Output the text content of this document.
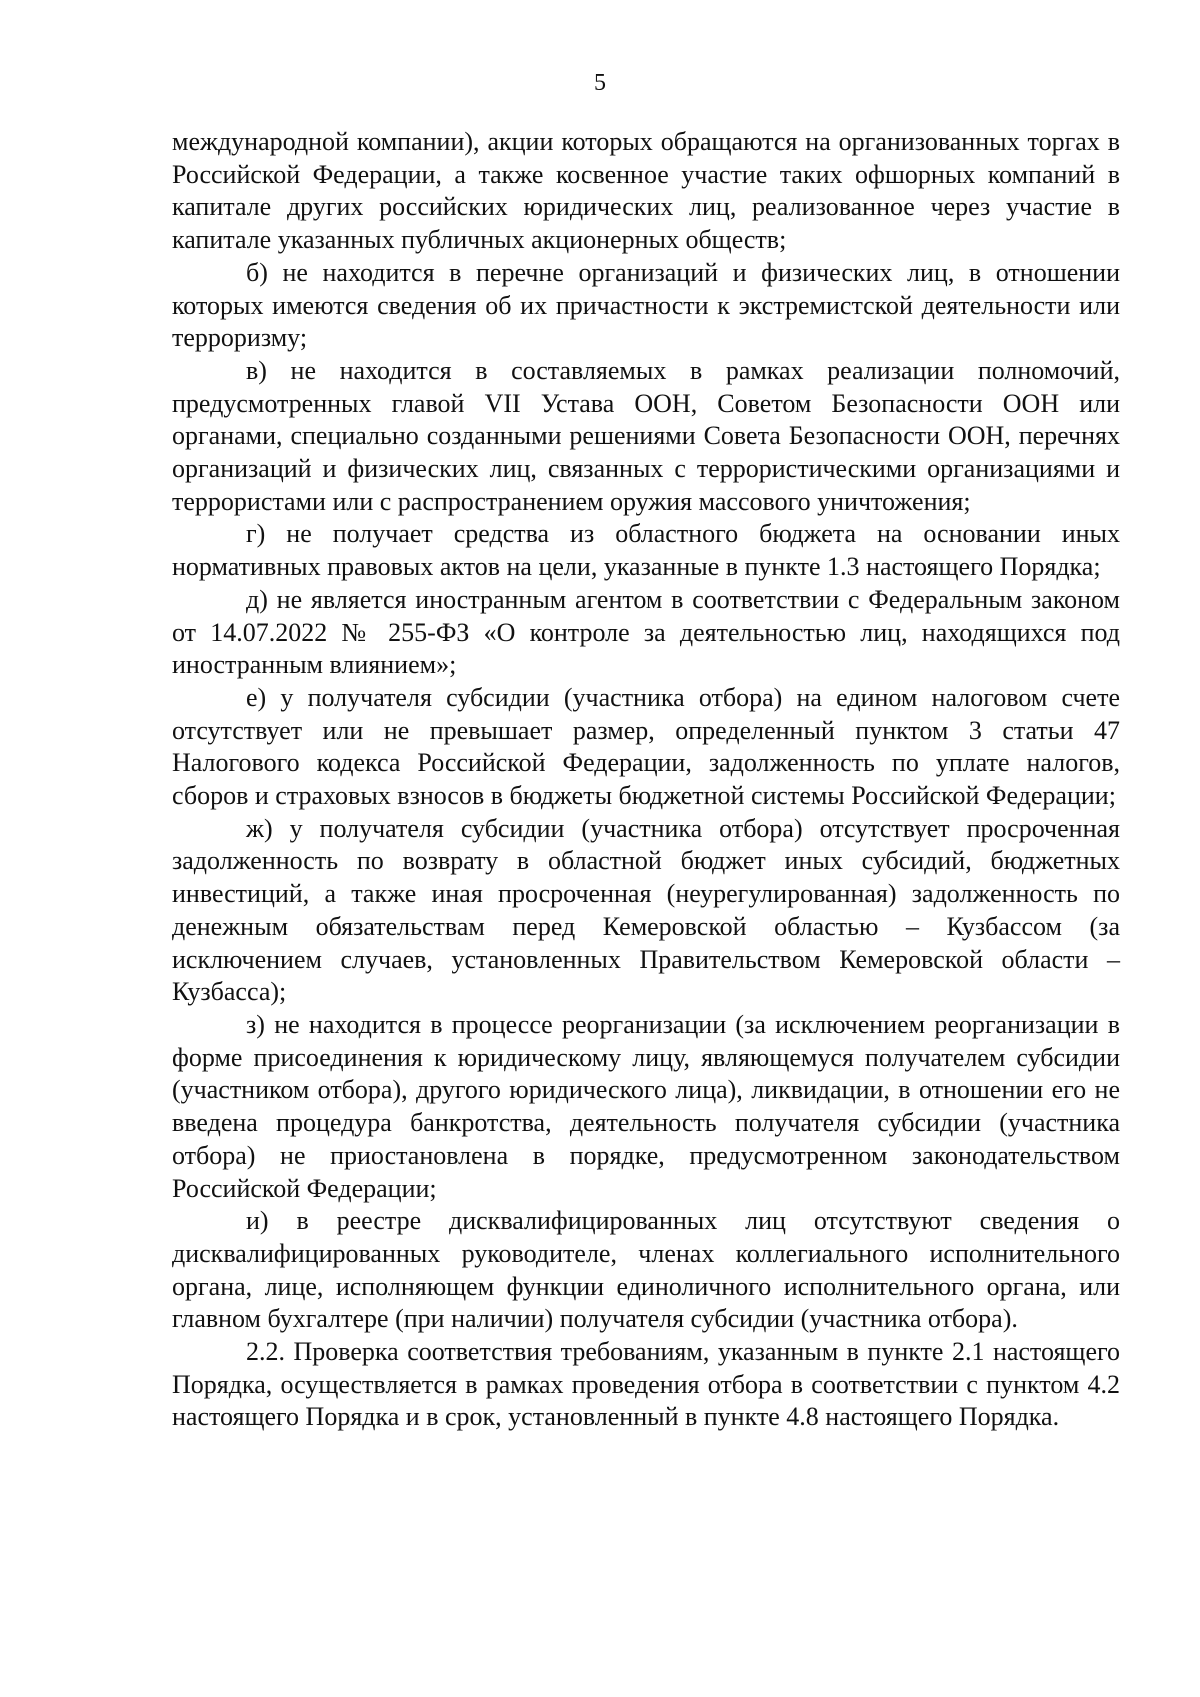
5

международной компании), акции которых обращаются на организованных торгах в Российской Федерации, а также косвенное участие таких офшорных компаний в капитале других российских юридических лиц, реализованное через участие в капитале указанных публичных акционерных обществ;

б) не находится в перечне организаций и физических лиц, в отношении которых имеются сведения об их причастности к экстремистской деятельности или терроризму;

в) не находится в составляемых в рамках реализации полномочий, предусмотренных главой VII Устава ООН, Советом Безопасности ООН или органами, специально созданными решениями Совета Безопасности ООН, перечнях организаций и физических лиц, связанных с террористическими организациями и террористами или с распространением оружия массового уничтожения;

г) не получает средства из областного бюджета на основании иных нормативных правовых актов на цели, указанные в пункте 1.3 настоящего Порядка;

д) не является иностранным агентом в соответствии с Федеральным законом от 14.07.2022 № 255-ФЗ «О контроле за деятельностью лиц, находящихся под иностранным влиянием»;

е) у получателя субсидии (участника отбора) на едином налоговом счете отсутствует или не превышает размер, определенный пунктом 3 статьи 47 Налогового кодекса Российской Федерации, задолженность по уплате налогов, сборов и страховых взносов в бюджеты бюджетной системы Российской Федерации;

ж) у получателя субсидии (участника отбора) отсутствует просроченная задолженность по возврату в областной бюджет иных субсидий, бюджетных инвестиций, а также иная просроченная (неурегулированная) задолженность по денежным обязательствам перед Кемеровской областью – Кузбассом (за исключением случаев, установленных Правительством Кемеровской области – Кузбасса);

з) не находится в процессе реорганизации (за исключением реорганизации в форме присоединения к юридическому лицу, являющемуся получателем субсидии (участником отбора), другого юридического лица), ликвидации, в отношении его не введена процедура банкротства, деятельность получателя субсидии (участника отбора) не приостановлена в порядке, предусмотренном законодательством Российской Федерации;

и) в реестре дисквалифицированных лиц отсутствуют сведения о дисквалифицированных руководителе, членах коллегиального исполнительного органа, лице, исполняющем функции единоличного исполнительного органа, или главном бухгалтере (при наличии) получателя субсидии (участника отбора).

2.2. Проверка соответствия требованиям, указанным в пункте 2.1 настоящего Порядка, осуществляется в рамках проведения отбора в соответствии с пунктом 4.2 настоящего Порядка и в срок, установленный в пункте 4.8 настоящего Порядка.
